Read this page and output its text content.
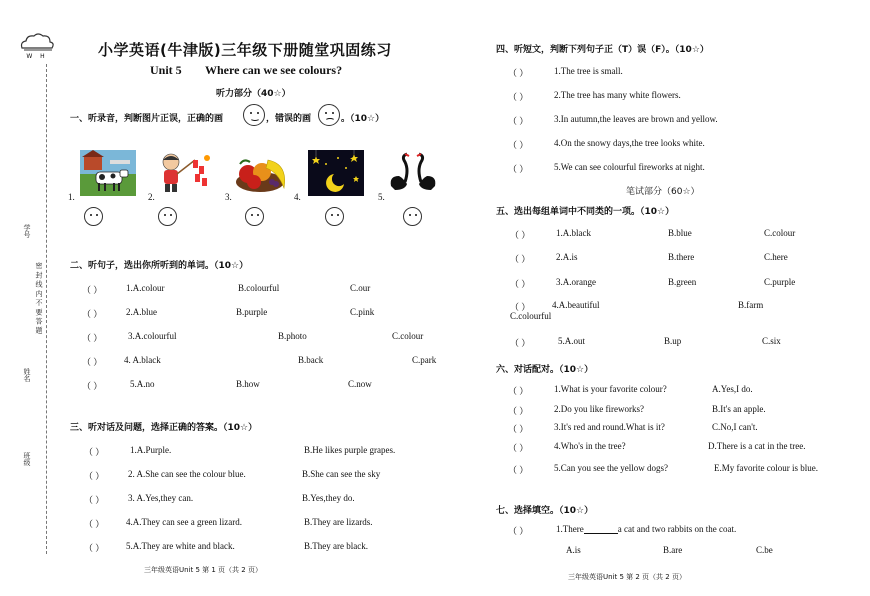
W H
班级
姓名
密 封 线 内 不 要 答 题
学号
小学英语(牛津版)三年级下册随堂巩固练习
Unit 5 Where can we see colours?
听力部分（40☆）
一、听录音，判断图片正误，正确的画	，错误的画	。（10☆）
1.	2.	3.	4.	5.
二、听句子，选出你所听到的单词。（10☆）
（ ）	1.A.colour	B.colourful	C.our
（ ）	2.A.blue	B.purple	C.pink
（ ）	3.A.colourful	B.photo	C.colour
（ ） 4. A.black	B.back	C.park
（ ）	5.A.no	B.how	C.now
三、听对话及问题，选择正确的答案。（10☆）
（ ）	1.A.Purple.	B.He likes purple grapes.
（ ）	2. A.She can see the colour blue.	B.She can see the sky
（ ）	3. A.Yes,they can.	B.Yes,they do.
（ ） 4.A.They can see a green lizard.	B.They are lizards.
（ ） 5.A.They are white and black.	B.They are black.
三年级英语Unit 5 第 1 页（共 2 页）
四、听短文，判断下列句子正（T）误（F）。（10☆）
（ ）	1.The tree is small.
（ ）	2.The tree has many white flowers.
（ ）	3.In autumn,the leaves are brown and yellow.
（ ）	4.On the snowy days,the tree looks white.
（ ）	5.We can see colourful fireworks at night.
笔试部分（60☆）
五、选出每组单词中不同类的一项。（10☆）
（ ）	1.A.black	B.blue	C.colour
（ ）	2.A.is	B.there	C.here
（ ）	3.A.orange	B.green	C.purple
（ ） 4.A.beautiful	B.farm
C.colourful
（ ）	5.A.out	B.up	C.six
六、对话配对。（10☆）
（ ）	1.What is your favorite colour?	A.Yes,I do.
（ ）	2.Do you like fireworks?	B.It's an apple.
（ ）	3.It's red and round.What is it?	C.No,I can't.
（ ）	4.Who's in the tree?	D.There is a cat in the tree.
（ ）	5.Can you see the yellow dogs?	E.My favorite colour is blue.
七、选择填空。（10☆）
（ ）	1.There	a cat and two rabbits on the coat.
A.is	B.are	C.be
三年级英语Unit 5 第 2 页（共 2 页）
